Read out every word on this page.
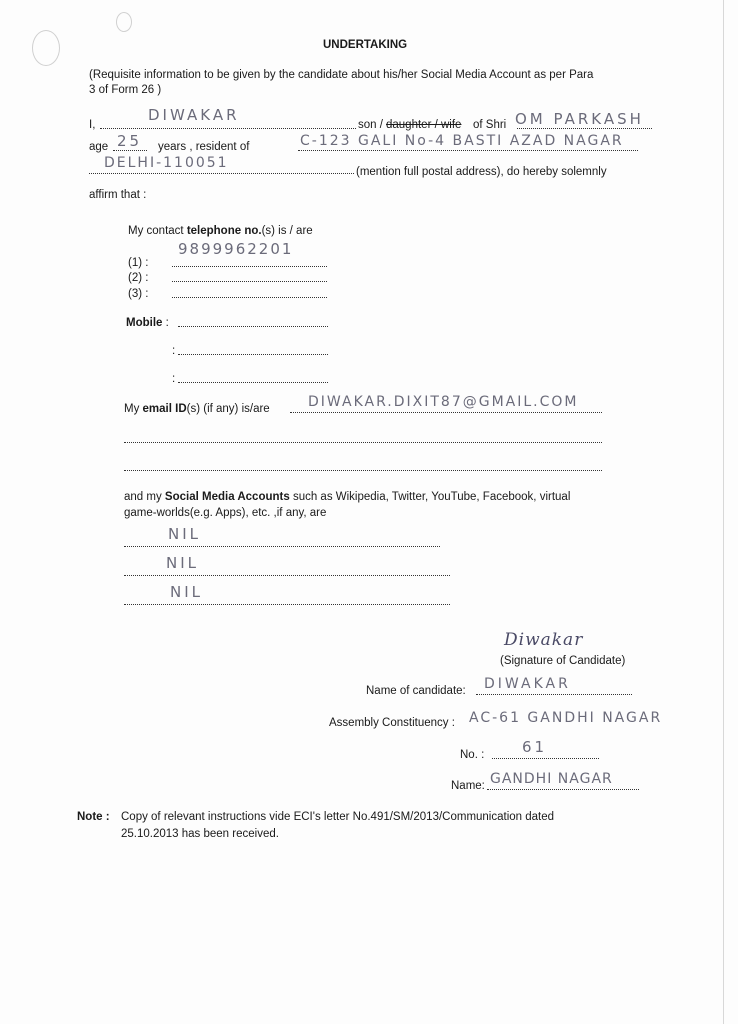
UNDERTAKING
(Requisite information to be given by the candidate about his/her Social Media Account as per Para
3 of Form 26 )
I,
DIWAKAR
son / daughter / wife of Shri OM PARKASH
age 25 years , resident of	C-123 GALI No-4 BASTI AZAD NAGAR
DELHI-110051
(mention full postal address), do hereby solemnly
affirm that :
My contact telephone no.(s) is / are
(1) :
9899962201
(2) :
(3) :
Mobile :
:
:
My email ID(s) (if any) is/are	DIWAKAR.DIXIT87@GMAIL.COM
and my Social Media Accounts such as Wikipedia, Twitter, YouTube, Facebook, virtual
game-worlds(e.g. Apps), etc. ,if any, are
NIL
NIL
NIL
Diwakar
(Signature of Candidate)
Name of candidate: DIWAKAR
Assembly Constituency : AC-61 GANDHI NAGAR
No. :	61
Name: GANDHI NAGAR
Note : Copy of relevant instructions vide ECI's letter No.491/SM/2013/Communication dated
25.10.2013 has been received.
